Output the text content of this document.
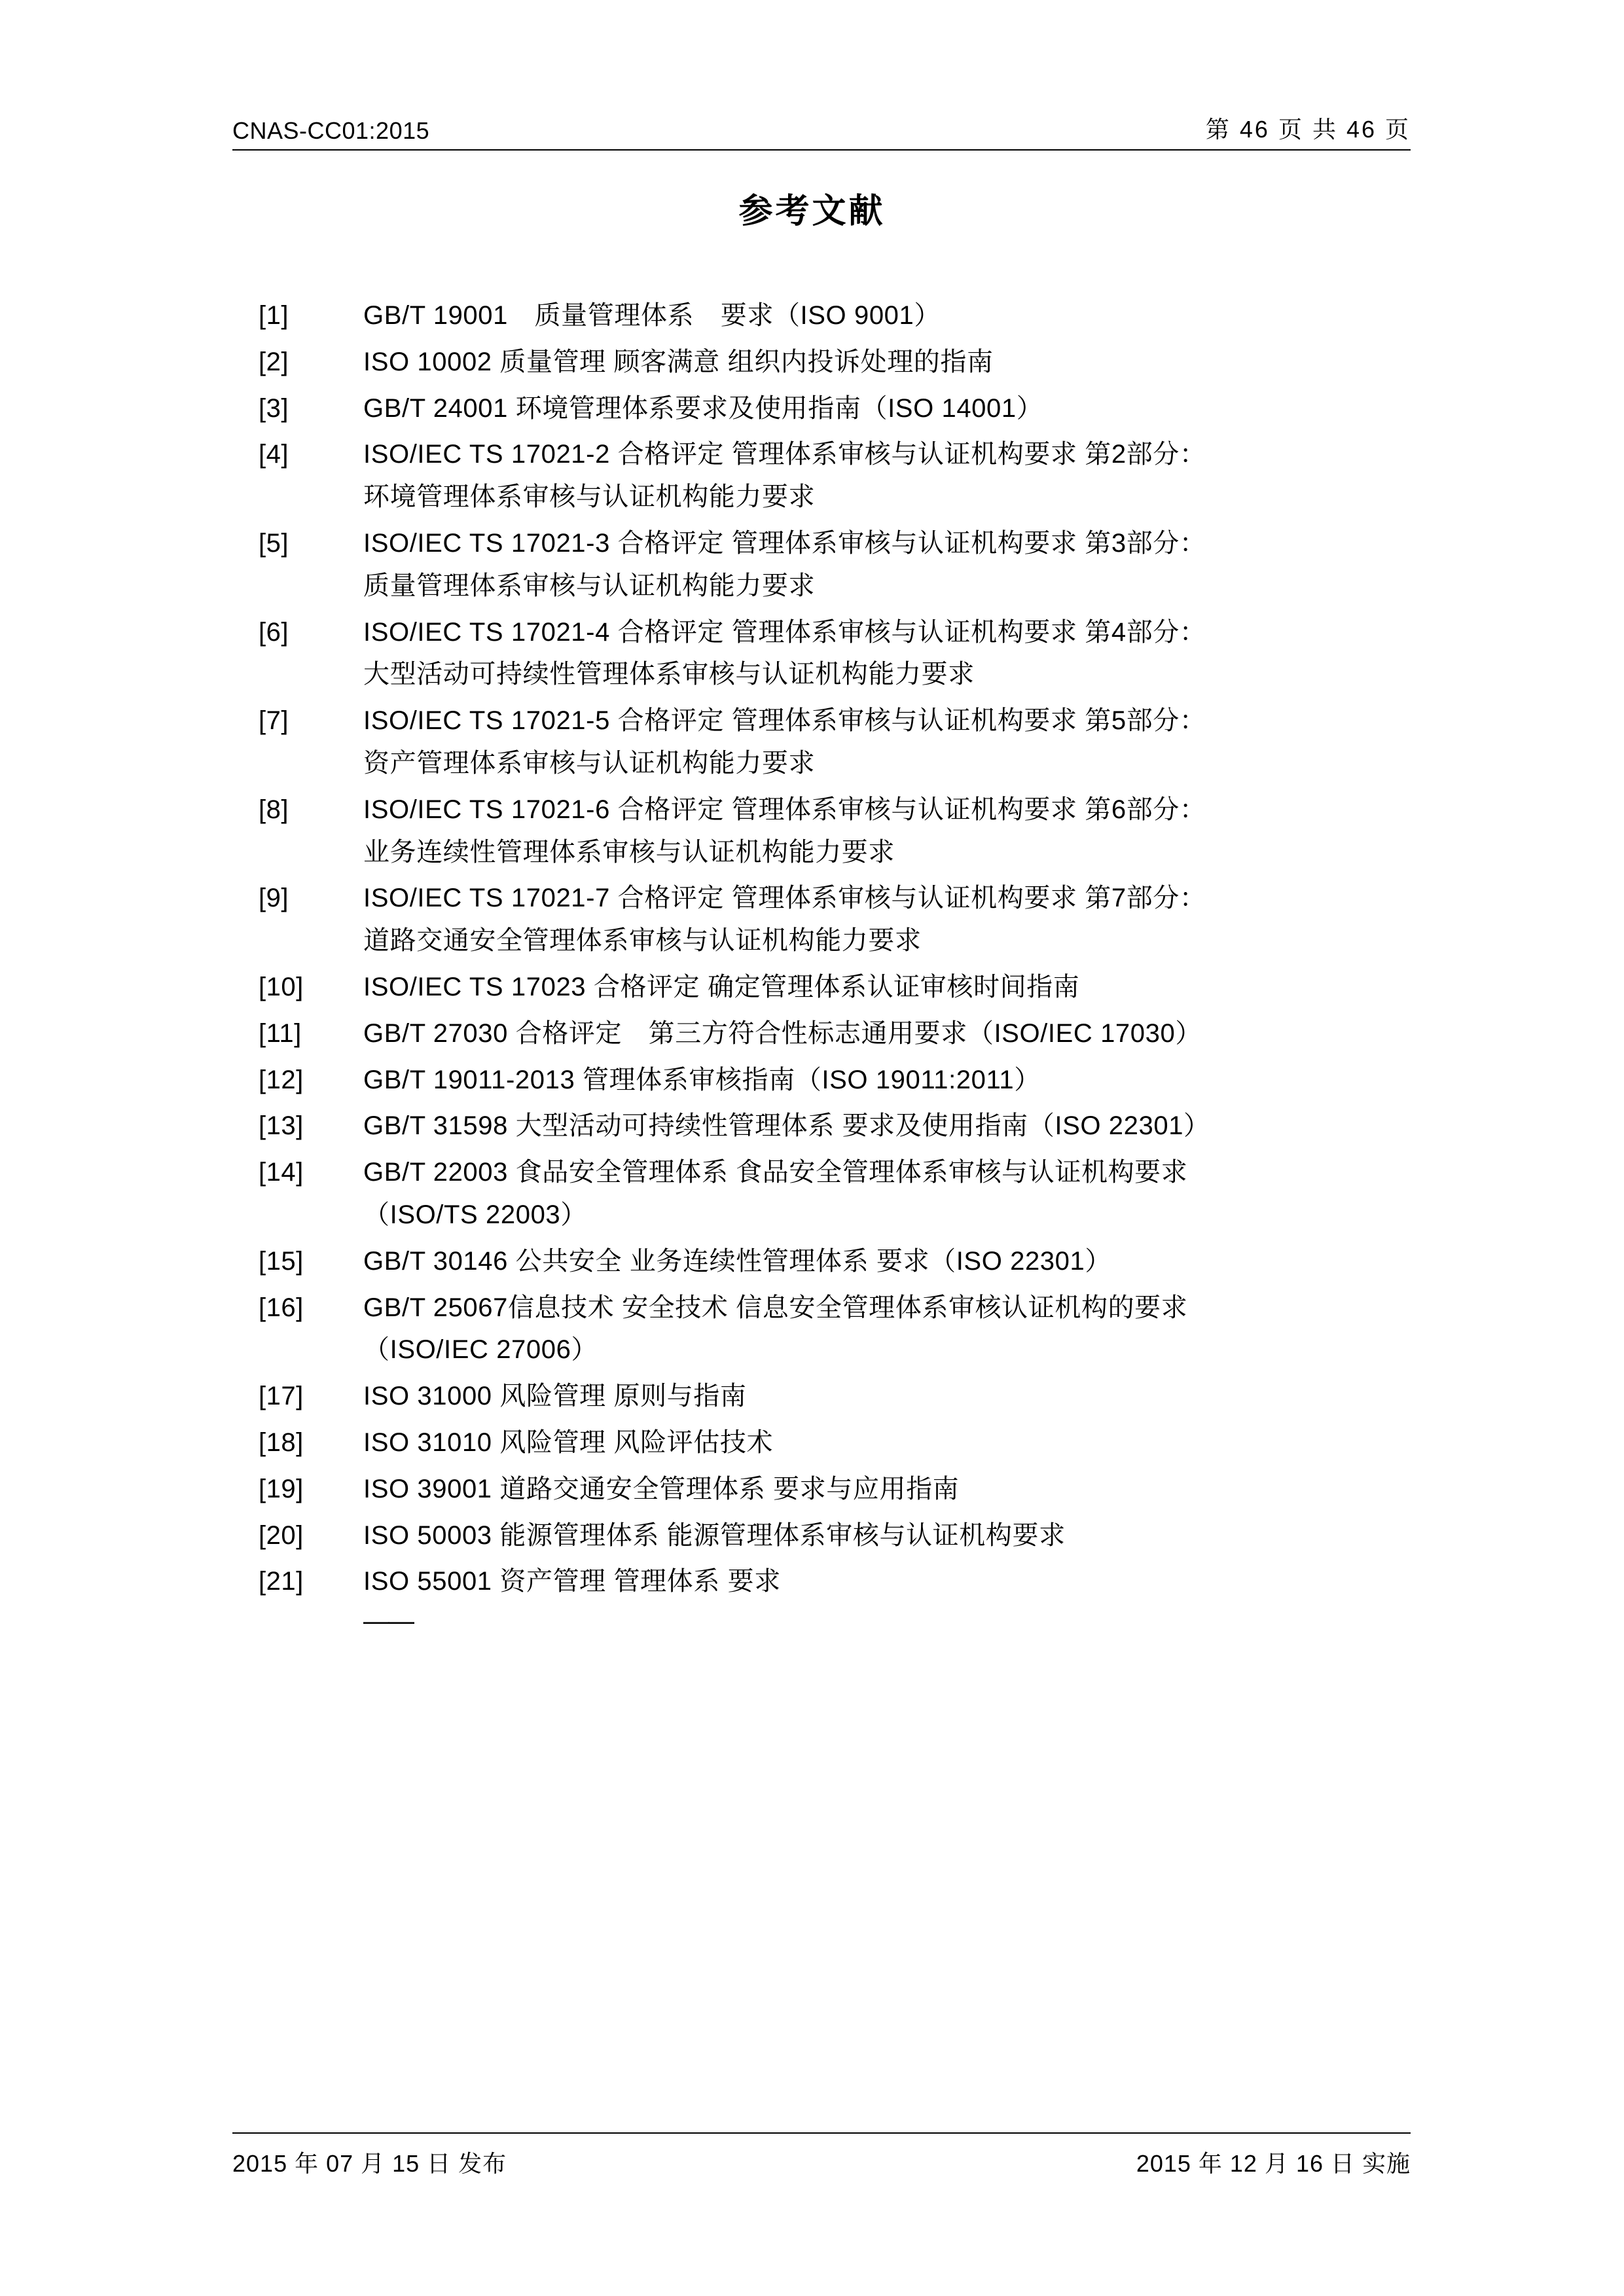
CNAS-CC01:2015	第 46 页 共 46 页
参考文献
[1]	GB/T 19001　质量管理体系　要求（ISO 9001）
[2]	ISO 10002 质量管理 顾客满意 组织内投诉处理的指南
[3]	GB/T 24001 环境管理体系要求及使用指南（ISO 14001）
[4]	ISO/IEC TS 17021-2 合格评定 管理体系审核与认证机构要求 第2部分：
环境管理体系审核与认证机构能力要求
[5]	ISO/IEC TS 17021-3 合格评定 管理体系审核与认证机构要求 第3部分：
质量管理体系审核与认证机构能力要求
[6]	ISO/IEC TS 17021-4 合格评定 管理体系审核与认证机构要求 第4部分：
大型活动可持续性管理体系审核与认证机构能力要求
[7]	ISO/IEC TS 17021-5 合格评定 管理体系审核与认证机构要求 第5部分：
资产管理体系审核与认证机构能力要求
[8]	ISO/IEC TS 17021-6 合格评定 管理体系审核与认证机构要求 第6部分：
业务连续性管理体系审核与认证机构能力要求
[9]	ISO/IEC TS 17021-7 合格评定 管理体系审核与认证机构要求 第7部分：
道路交通安全管理体系审核与认证机构能力要求
[10]	ISO/IEC TS 17023 合格评定 确定管理体系认证审核时间指南
[11]	GB/T 27030 合格评定　第三方符合性标志通用要求（ISO/IEC 17030）
[12]	GB/T 19011-2013 管理体系审核指南（ISO 19011:2011）
[13]	GB/T 31598 大型活动可持续性管理体系 要求及使用指南（ISO 22301）
[14]	GB/T 22003 食品安全管理体系 食品安全管理体系审核与认证机构要求
（ISO/TS 22003）
[15]	GB/T 30146 公共安全 业务连续性管理体系 要求（ISO 22301）
[16]	GB/T 25067信息技术 安全技术 信息安全管理体系审核认证机构的要求
（ISO/IEC 27006）
[17]	ISO 31000 风险管理 原则与指南
[18]	ISO 31010 风险管理 风险评估技术
[19]	ISO 39001 道路交通安全管理体系 要求与应用指南
[20]	ISO 50003 能源管理体系 能源管理体系审核与认证机构要求
[21]	ISO 55001 资产管理 管理体系 要求
——
2015 年 07 月 15 日 发布	2015 年 12 月 16 日 实施
